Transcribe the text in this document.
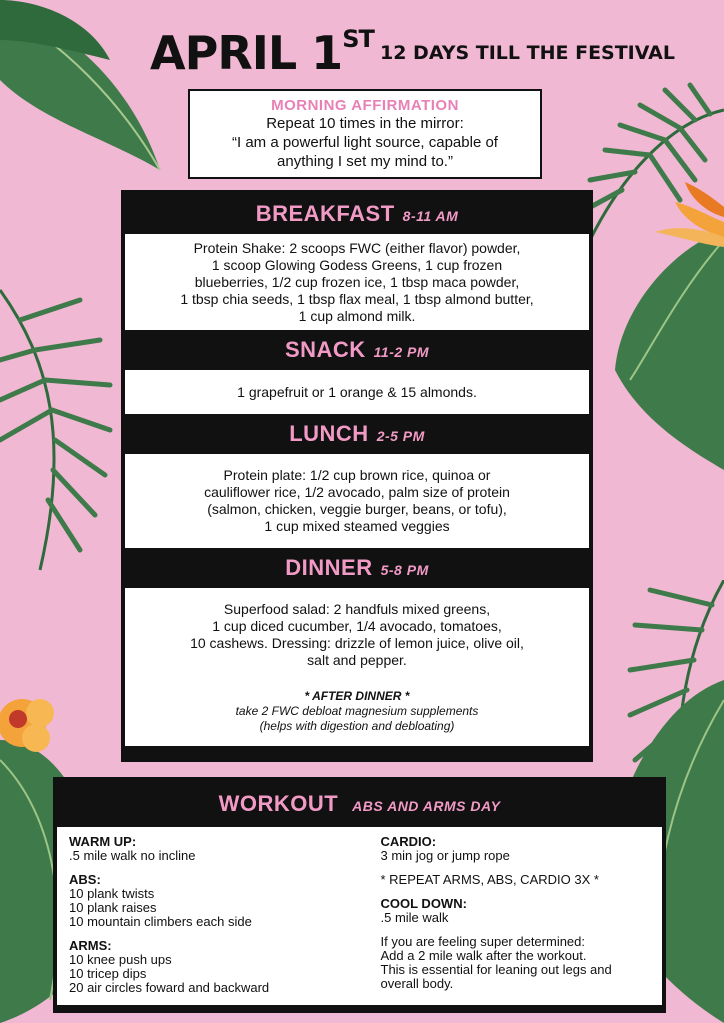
APRIL 1ST
12 DAYS TILL THE FESTIVAL
MORNING AFFIRMATION
Repeat 10 times in the mirror:
“I am a powerful light source, capable of
anything I set my mind to.”
BREAKFAST 8-11 AM
Protein Shake: 2 scoops FWC (either flavor) powder,
1 scoop Glowing Godess Greens, 1 cup frozen
blueberries, 1/2 cup frozen ice, 1 tbsp maca powder,
1 tbsp chia seeds, 1 tbsp flax meal, 1 tbsp almond butter,
1 cup almond milk.
SNACK 11-2 PM
1 grapefruit or 1 orange & 15 almonds.
LUNCH 2-5 PM
Protein plate: 1/2 cup brown rice, quinoa or
cauliflower rice, 1/2 avocado, palm size of protein
(salmon, chicken, veggie burger, beans, or tofu),
1 cup mixed steamed veggies
DINNER 5-8 PM
Superfood salad: 2 handfuls mixed greens,
1 cup diced cucumber, 1/4 avocado, tomatoes,
10 cashews. Dressing: drizzle of lemon juice, olive oil,
salt and pepper.
* AFTER DINNER *
take 2 FWC debloat magnesium supplements
(helps with digestion and debloating)
WORKOUT ABS AND ARMS DAY
WARM UP:
.5 mile walk no incline
ABS:
10 plank twists
10 plank raises
10 mountain climbers each side
ARMS:
10 knee push ups
10 tricep dips
20 air circles foward and backward
CARDIO:
3 min jog or jump rope
* REPEAT ARMS, ABS, CARDIO 3X *
COOL DOWN:
.5 mile walk
If you are feeling super determined:
Add a 2 mile walk after the workout.
This is essential for leaning out legs and
overall body.
